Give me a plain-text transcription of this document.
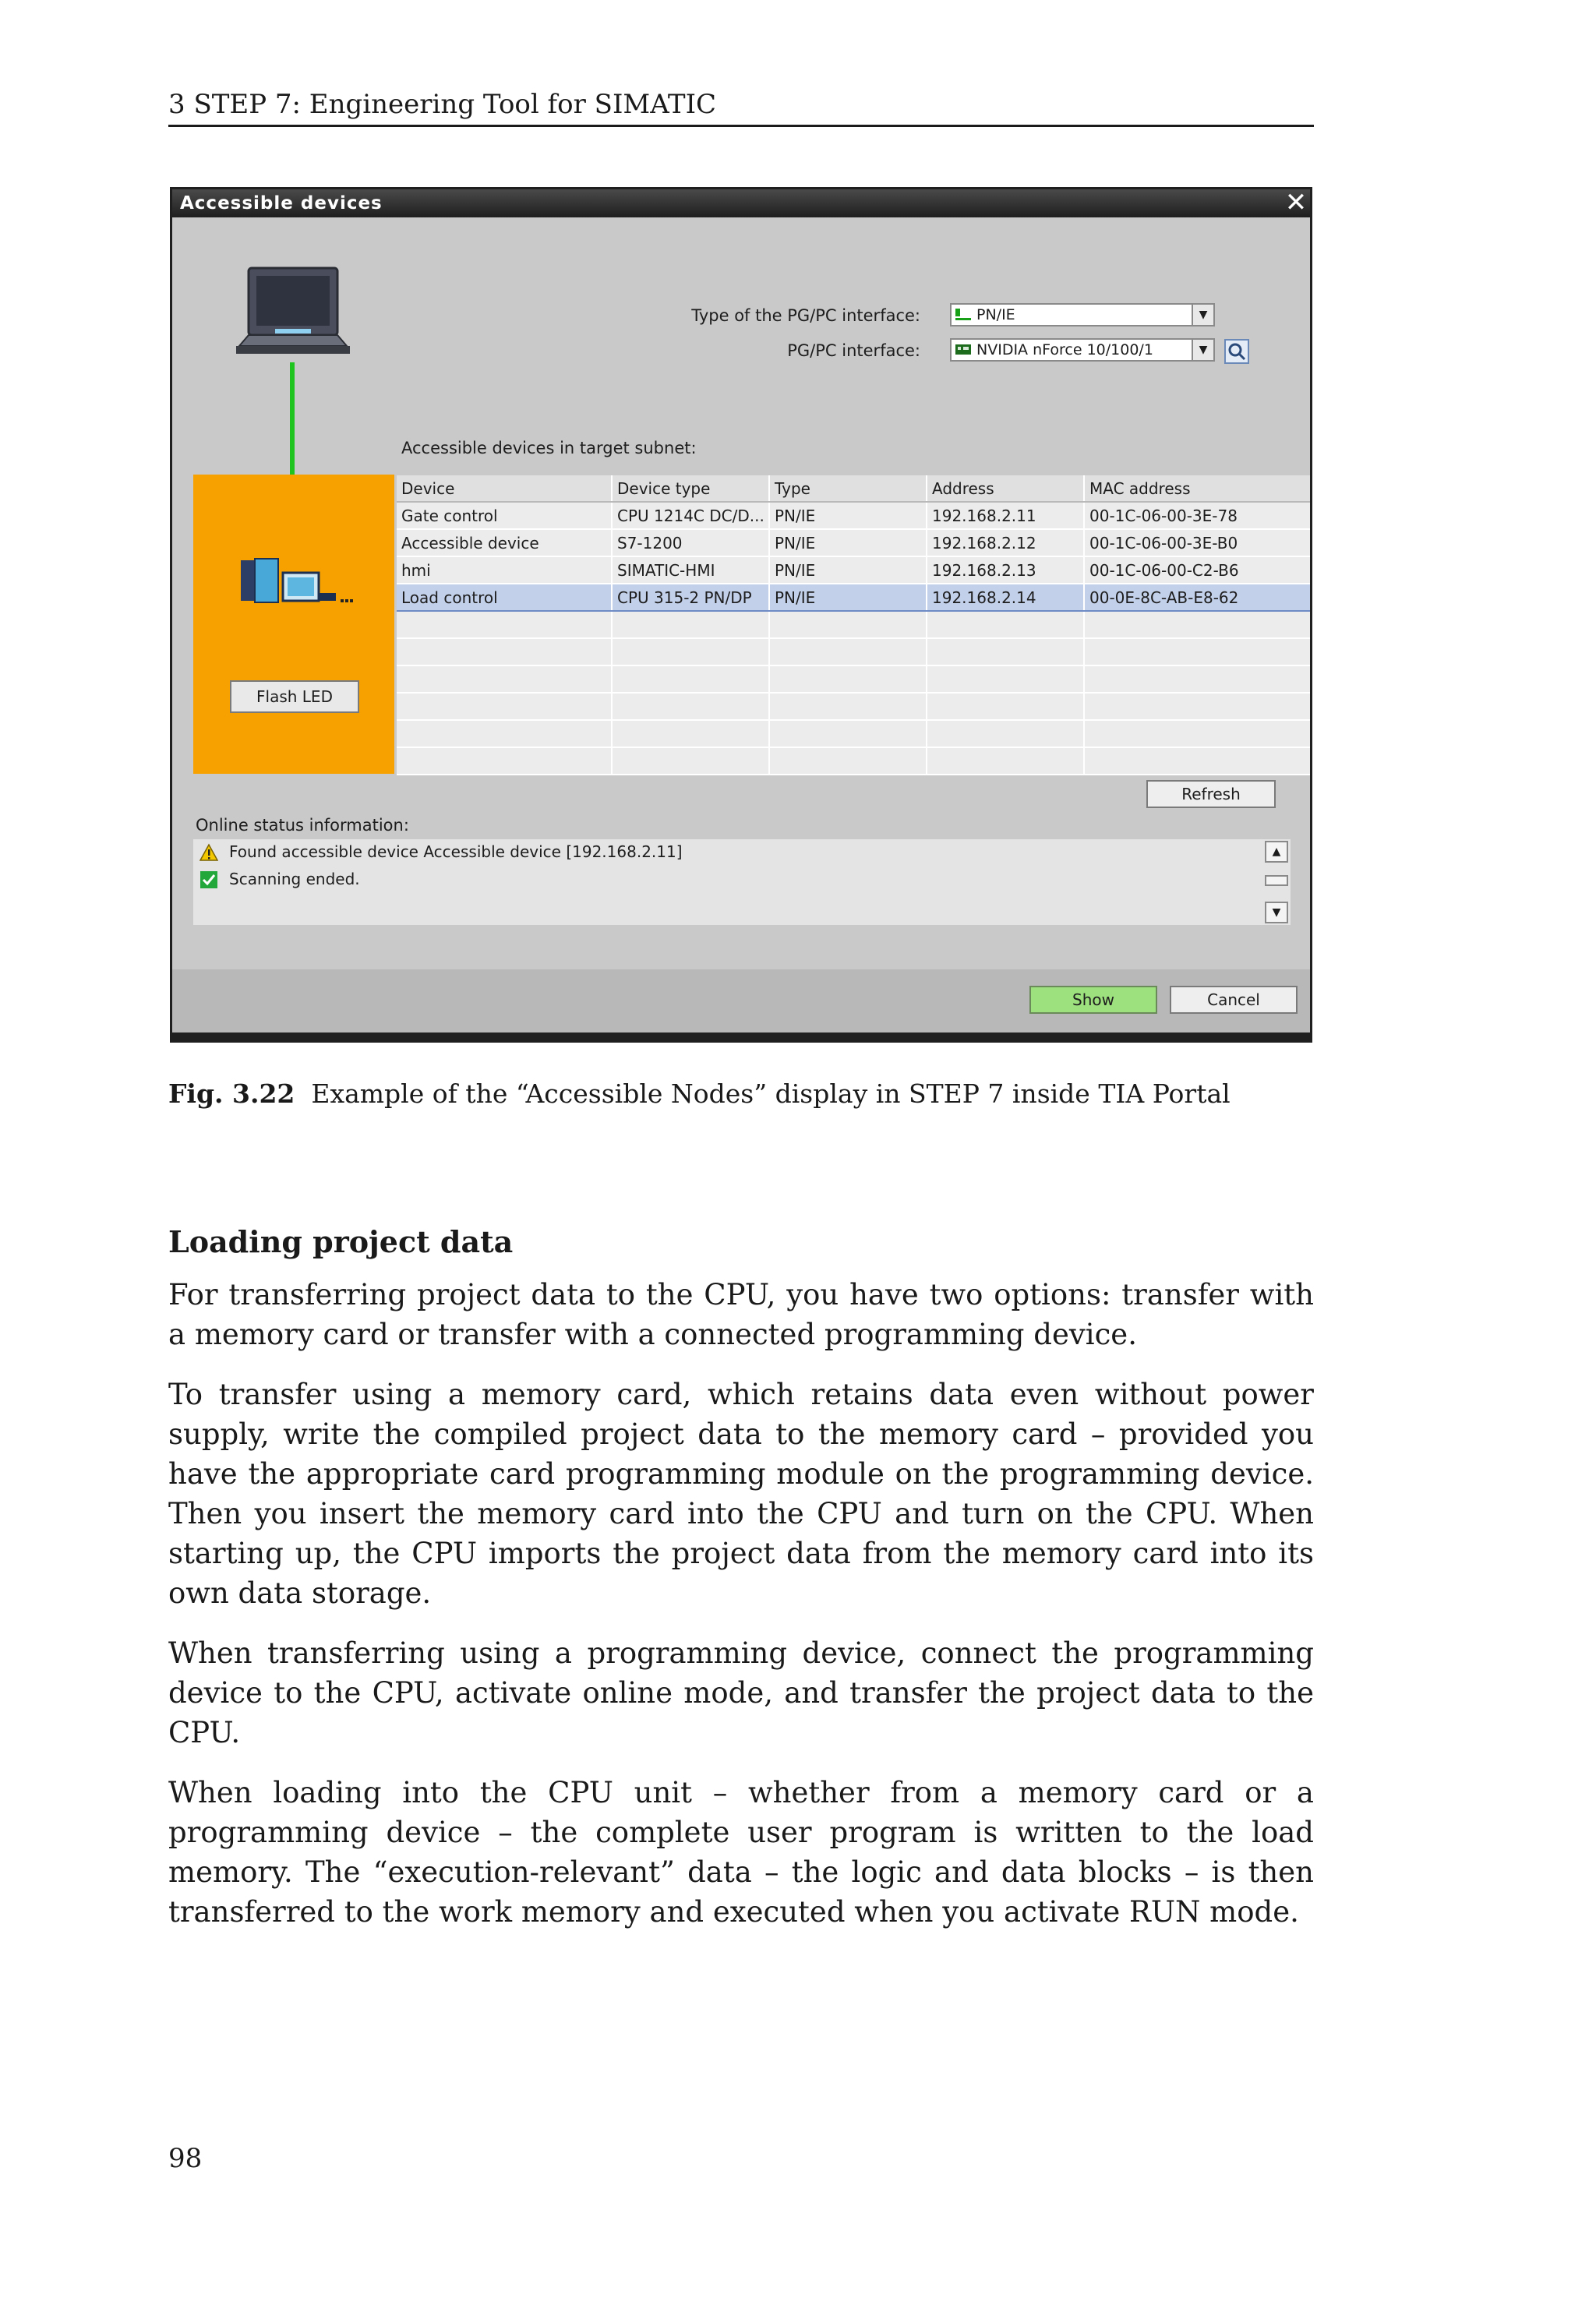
3 STEP 7: Engineering Tool for SIMATIC
Accessible devices	✕
Type of the PG/PC interface:	PN/IE	▼
PG/PC interface:	NVIDIA nForce 10/100/1	▼
Accessible devices in target subnet:
Flash LED
Device	Device type	Type	Address	MAC address
Gate control	CPU 1214C DC/D...	PN/IE	192.168.2.11	00-1C-06-00-3E-78
Accessible device	S7-1200	PN/IE	192.168.2.12	00-1C-06-00-3E-B0
hmi	SIMATIC-HMI	PN/IE	192.168.2.13	00-1C-06-00-C2-B6
Load control	CPU 315-2 PN/DP	PN/IE	192.168.2.14	00-0E-8C-AB-E8-62

Refresh
Online status information:
Found accessible device Accessible device [192.168.2.11]
Scanning ended.
▲
▼
Show	Cancel
Fig. 3.22 Example of the “Accessible Nodes” display in STEP 7 inside TIA Portal
Loading project data

For transferring project data to the CPU, you have two options: transfer with a memory card or transfer with a connected programming device.

To transfer using a memory card, which retains data even without power supply, write the compiled project data to the memory card – provided you have the appropriate card programming module on the programming device. Then you insert the memory card into the CPU and turn on the CPU. When starting up, the CPU imports the project data from the memory card into its own data storage.

When transferring using a programming device, connect the programming device to the CPU, activate online mode, and transfer the project data to the CPU.

When loading into the CPU unit – whether from a memory card or a programming device – the complete user program is written to the load memory. The “execution-relevant” data – the logic and data blocks – is then transferred to the work memory and executed when you activate RUN mode.

98
